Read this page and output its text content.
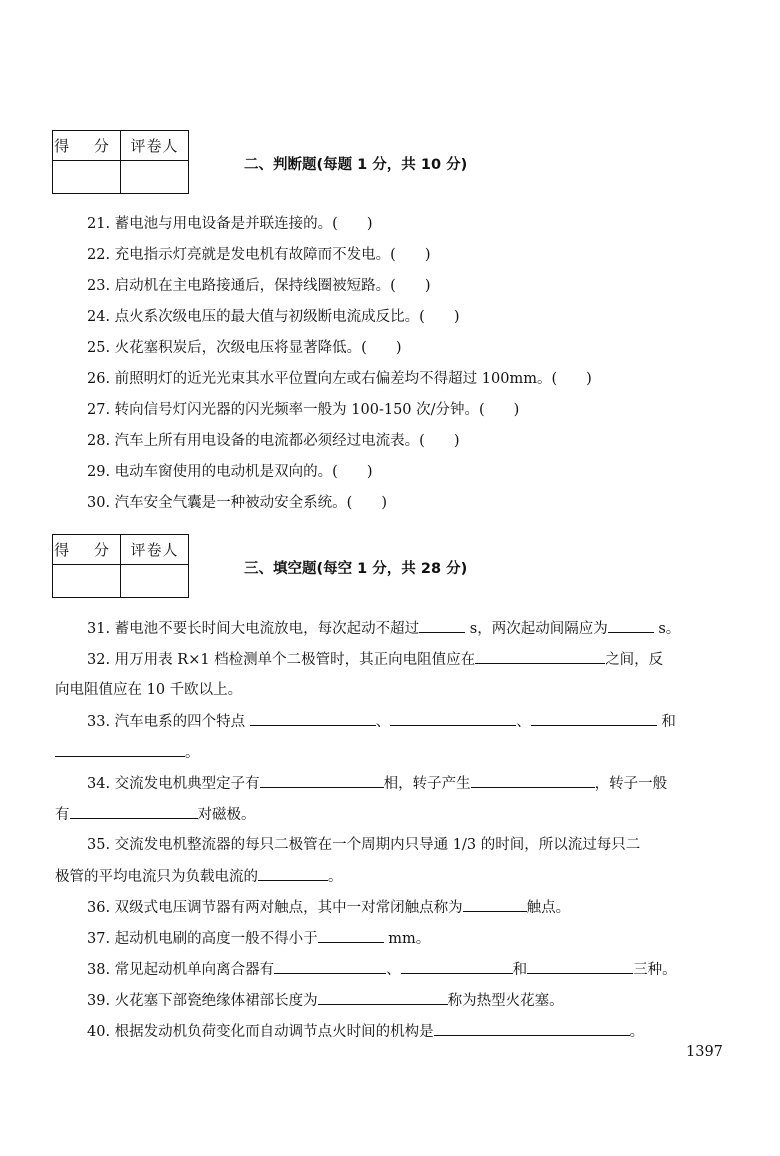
得 分	评卷人

二、判断题(每题 1 分，共 10 分)
21. 蓄电池与用电设备是并联连接的。(　　)
22. 充电指示灯亮就是发电机有故障而不发电。(　　)
23. 启动机在主电路接通后，保持线圈被短路。(　　)
24. 点火系次级电压的最大值与初级断电流成反比。(　　)
25. 火花塞积炭后，次级电压将显著降低。(　　)
26. 前照明灯的近光光束其水平位置向左或右偏差均不得超过 100mm。(　　)
27. 转向信号灯闪光器的闪光频率一般为 100-150 次/分钟。(　　)
28. 汽车上所有用电设备的电流都必须经过电流表。(　　)
29. 电动车窗使用的电动机是双向的。(　　)
30. 汽车安全气囊是一种被动安全系统。(　　)
得 分	评卷人

三、填空题(每空 1 分，共 28 分)
31. 蓄电池不要长时间大电流放电，每次起动不超过	s，两次起动间隔应为	s。
32. 用万用表 R×1 档检测单个二极管时，其正向电阻值应在	之间，反
向电阻值应在 10 千欧以上。
33. 汽车电系的四个特点	、	、	和
。
34. 交流发电机典型定子有	相，转子产生	，转子一般
有	对磁极。
35. 交流发电机整流器的每只二极管在一个周期内只导通 1/3 的时间，所以流过每只二
极管的平均电流只为负载电流的	。
36. 双级式电压调节器有两对触点，其中一对常闭触点称为	触点。
37. 起动机电刷的高度一般不得小于	mm。
38. 常见起动机单向离合器有	、	和	三种。
39. 火花塞下部瓷绝缘体裙部长度为	称为热型火花塞。
40. 根据发动机负荷变化而自动调节点火时间的机构是	。
1397
